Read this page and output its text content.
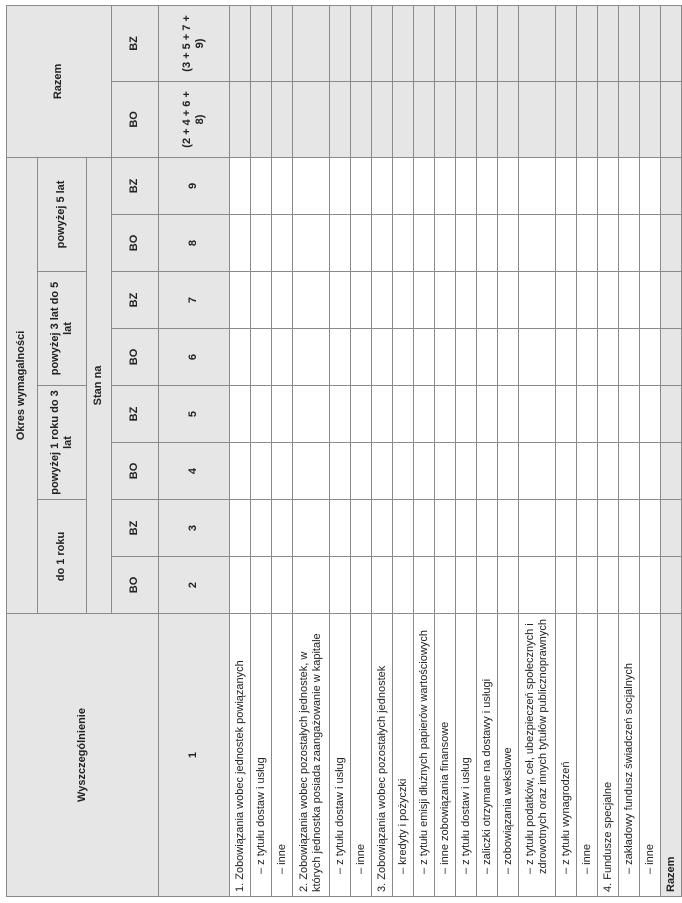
Wyszczególnienie	Okres wymagalności								Razem	
	do 1 roku		powyżej 1 roku do 3 lat		powyżej 3 lat do 5 lat		powyżej 5 lat			
	Stan na									
	BO	BZ	BO	BZ	BO	BZ	BO	BZ	BO	BZ
1	2	3	4	5	6	7	8	9	(2 + 4 + 6 + 8)	(3 + 5 + 7 + 9)
1. Zobowiązania wobec jednostek powiązanych										
– z tytułu dostaw i usług										
– inne										
2. Zobowiązania wobec pozostałych jednostek, w których jednostka posiada zaangażowanie w kapitale										
– z tytułu dostaw i usług										
– inne										
3. Zobowiązania wobec pozostałych jednostek										
– kredyty i pożyczki										
– z tytułu emisji dłużnych papierów wartościowych										
– inne zobowiązania finansowe										
– z tytułu dostaw i usług										
– zaliczki otrzymane na dostawy i usługi										
– zobowiązania wekslowe										
– z tytułu podatków, ceł, ubezpieczeń społecznych i zdrowotnych oraz innych tytułów publicznoprawnych										
– z tytułu wynagrodzeń										
– inne										
4. Fundusze specjalne										
– zakładowy fundusz świadczeń socjalnych										
– inne										
Razem										
